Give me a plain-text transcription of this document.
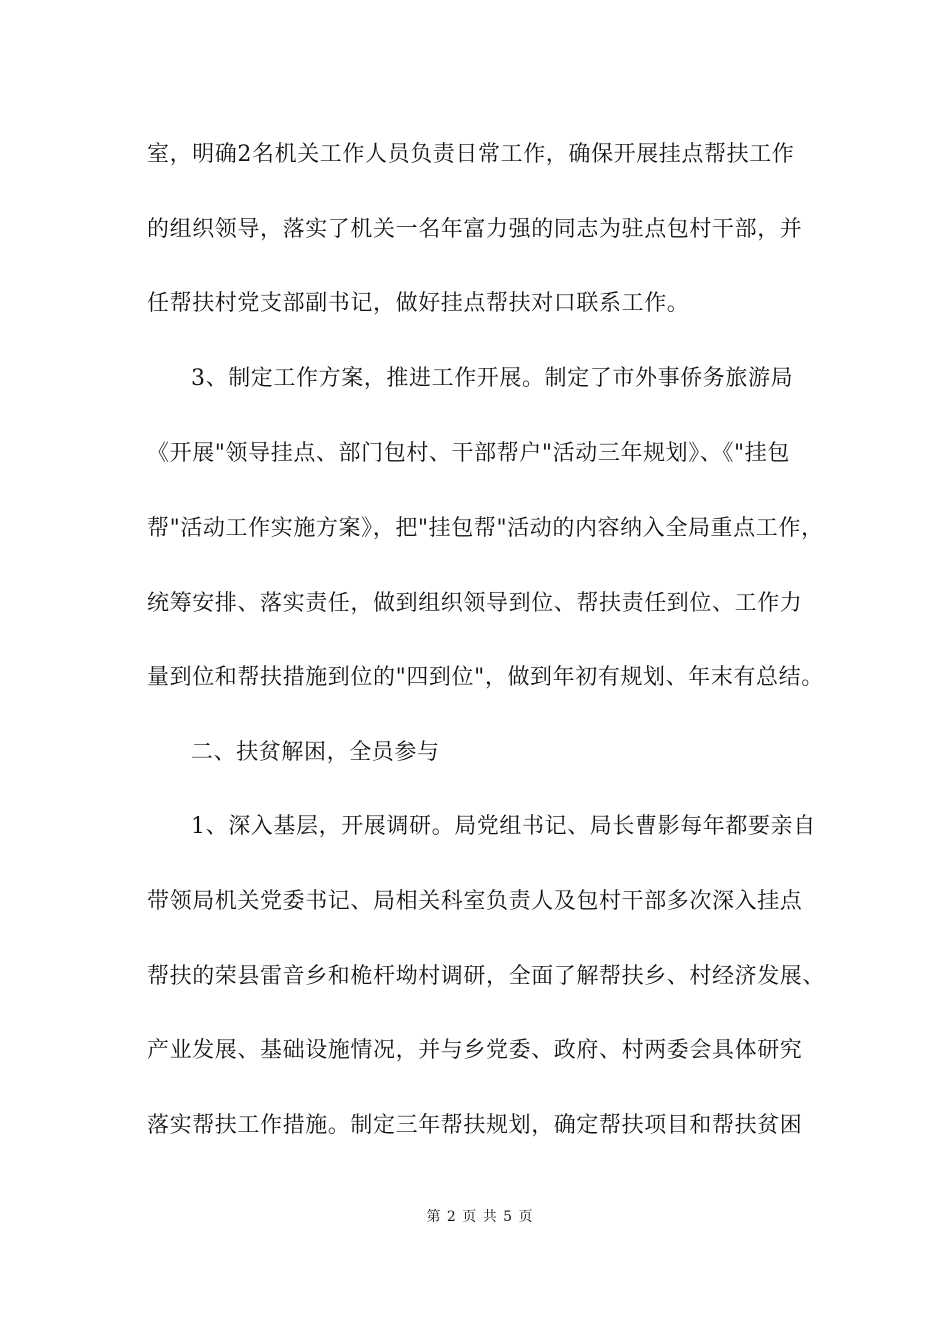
室，明确2名机关工作人员负责日常工作，确保开展挂点帮扶工作
的组织领导，落实了机关一名年富力强的同志为驻点包村干部，并
任帮扶村党支部副书记，做好挂点帮扶对口联系工作。
3、制定工作方案，推进工作开展。制定了市外事侨务旅游局
《开展"领导挂点、部门包村、干部帮户"活动三年规划》、《"挂包
帮"活动工作实施方案》，把"挂包帮"活动的内容纳入全局重点工作，
统筹安排、落实责任，做到组织领导到位、帮扶责任到位、工作力
量到位和帮扶措施到位的"四到位"，做到年初有规划、年末有总结。
二、扶贫解困，全员参与
1、深入基层，开展调研。局党组书记、局长曹影每年都要亲自
带领局机关党委书记、局相关科室负责人及包村干部多次深入挂点
帮扶的荣县雷音乡和桅杆坳村调研，全面了解帮扶乡、村经济发展、
产业发展、基础设施情况，并与乡党委、政府、村两委会具体研究
落实帮扶工作措施。制定三年帮扶规划，确定帮扶项目和帮扶贫困
第 2 页 共 5 页
